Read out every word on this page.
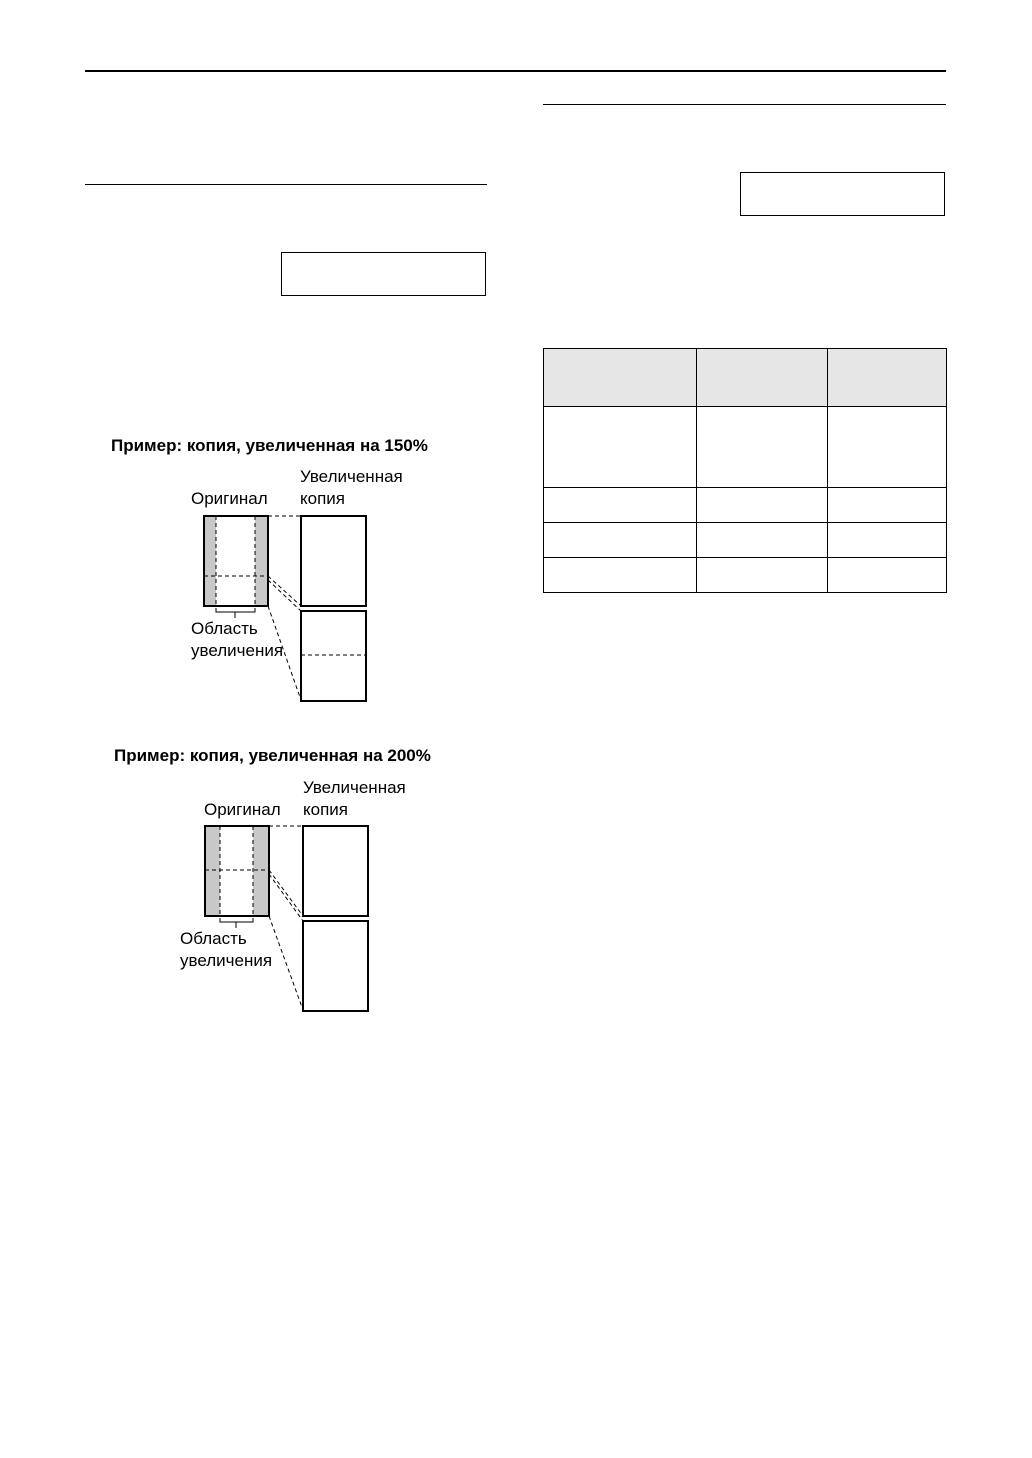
Пример: копия, увеличенная на 150%
Увеличенная
копия
Оригинал
Область
увеличения
Пример: копия, увеличенная на 200%
Увеличенная
копия
Оригинал
Область
увеличения
